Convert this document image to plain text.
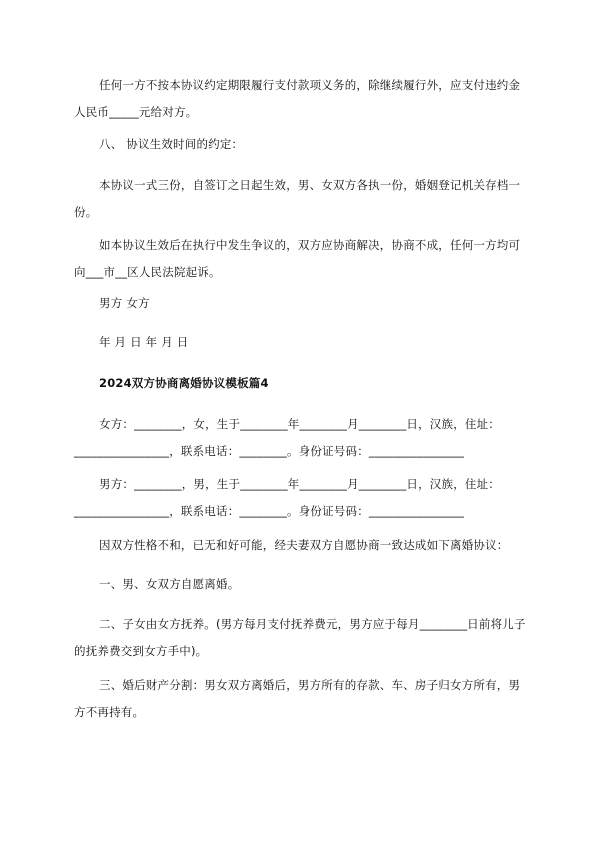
任何一方不按本协议约定期限履行支付款项义务的，除继续履行外，应支付违约金人民币_____元给对方。
八、 协议生效时间的约定：
本协议一式三份，自签订之日起生效，男、女双方各执一份，婚姻登记机关存档一份。
如本协议生效后在执行中发生争议的，双方应协商解决，协商不成，任何一方均可向___市__区人民法院起诉。
男方 女方
年 月 日 年 月 日
2024双方协商离婚协议模板篇4
女方：________，女，生于________年________月________日，汉族，住址：________________，联系电话：________。身份证号码：________________
男方：________，男，生于________年________月________日，汉族，住址：________________，联系电话：________。身份证号码：________________
因双方性格不和，已无和好可能，经夫妻双方自愿协商一致达成如下离婚协议：
一、男、女双方自愿离婚。
二、子女由女方抚养。(男方每月支付抚养费元，男方应于每月________日前将儿子的抚养费交到女方手中)。
三、婚后财产分割：男女双方离婚后，男方所有的存款、车、房子归女方所有，男方不再持有。
